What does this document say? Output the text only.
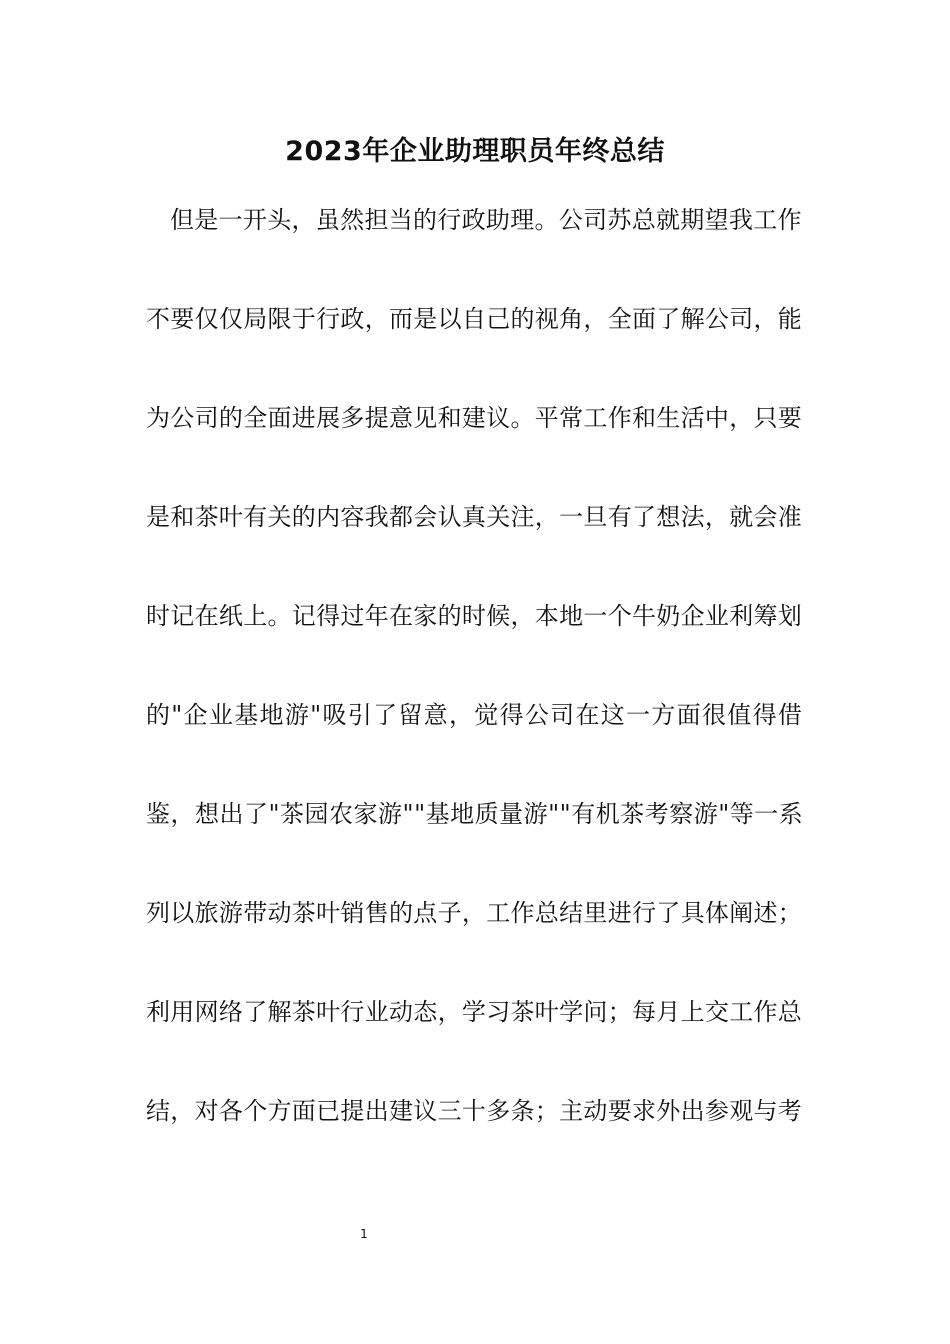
2023年企业助理职员年终总结
但是一开头，虽然担当的行政助理。公司苏总就期望我工作
不要仅仅局限于行政，而是以自己的视角，全面了解公司，能
为公司的全面进展多提意见和建议。平常工作和生活中，只要
是和茶叶有关的内容我都会认真关注，一旦有了想法，就会准
时记在纸上。记得过年在家的时候，本地一个牛奶企业利筹划
的"企业基地游"吸引了留意，觉得公司在这一方面很值得借
鉴，想出了"茶园农家游""基地质量游""有机茶考察游"等一系
列以旅游带动茶叶销售的点子，工作总结里进行了具体阐述；
利用网络了解茶叶行业动态，学习茶叶学问；每月上交工作总
结，对各个方面已提出建议三十多条；主动要求外出参观与考
1
